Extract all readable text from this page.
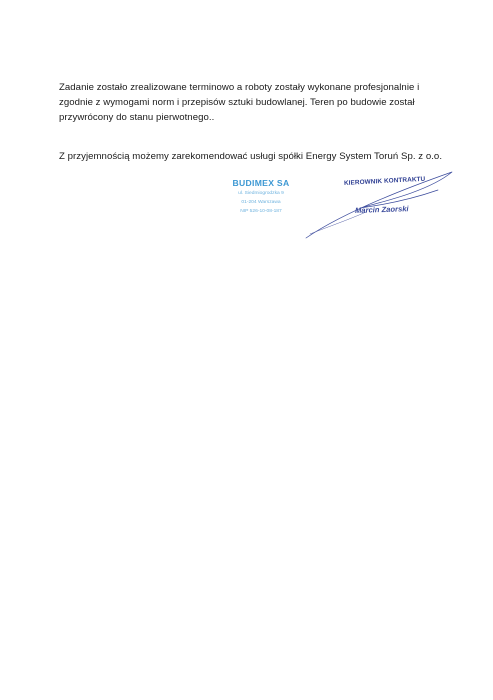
Zadanie zostało zrealizowane terminowo a roboty zostały wykonane profesjonalnie i zgodnie z wymogami norm i przepisów sztuki budowlanej. Teren po budowie został przywrócony do stanu pierwotnego..

Z przyjemnością możemy zarekomendować usługi spółki Energy System Toruń Sp. z o.o.

BUDIMEX SA
ul. Siedmiogrodzka 9
01-204 Warszawa
NIP 526-10-08-187
KIEROWNIK KONTRAKTU
Marcin Zaorski
